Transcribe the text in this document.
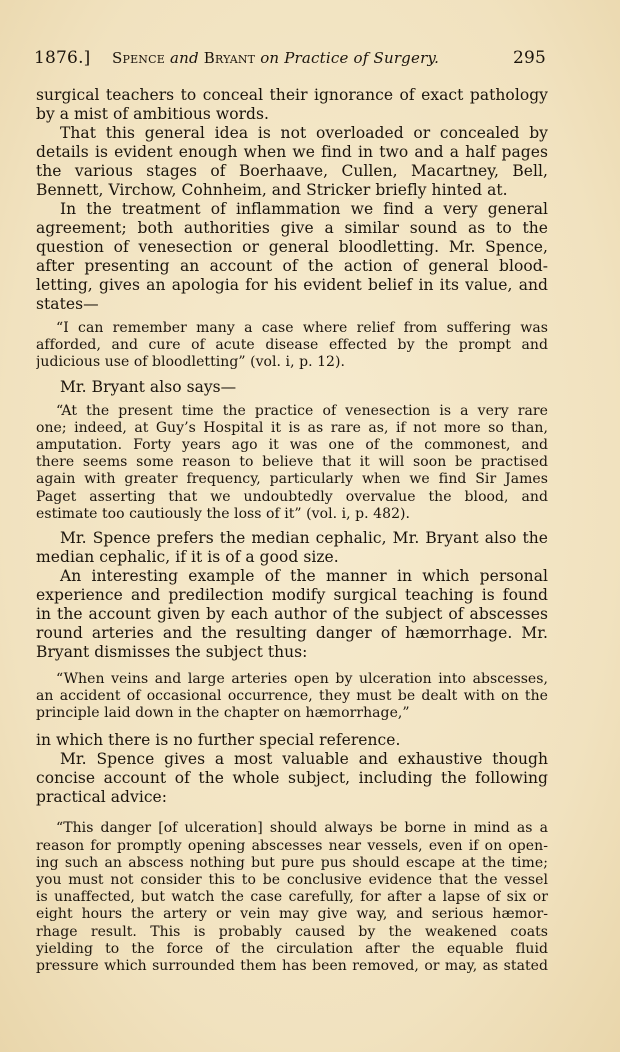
1876.] Spence and Bryant on Practice of Surgery.	295
surgical teachers to conceal their ignorance of exact pathology
by a mist of ambitious words.
That this general idea is not overloaded or concealed by
details is evident enough when we find in two and a half pages
the various stages of Boerhaave, Cullen, Macartney, Bell,
Bennett, Virchow, Cohnheim, and Stricker briefly hinted at.
In the treatment of inflammation we find a very general
agreement; both authorities give a similar sound as to the
question of venesection or general bloodletting. Mr. Spence,
after presenting an account of the action of general blood-
letting, gives an apologia for his evident belief in its value, and
states—
“I can remember many a case where relief from suffering was
afforded, and cure of acute disease effected by the prompt and
judicious use of bloodletting” (vol. i, p. 12).
Mr. Bryant also says—
“At the present time the practice of venesection is a very rare
one; indeed, at Guy’s Hospital it is as rare as, if not more so than,
amputation. Forty years ago it was one of the commonest, and
there seems some reason to believe that it will soon be practised
again with greater frequency, particularly when we find Sir James
Paget asserting that we undoubtedly overvalue the blood, and
estimate too cautiously the loss of it” (vol. i, p. 482).
Mr. Spence prefers the median cephalic, Mr. Bryant also the
median cephalic, if it is of a good size.
An interesting example of the manner in which personal
experience and predilection modify surgical teaching is found
in the account given by each author of the subject of abscesses
round arteries and the resulting danger of hæmorrhage. Mr.
Bryant dismisses the subject thus:
“When veins and large arteries open by ulceration into abscesses,
an accident of occasional occurrence, they must be dealt with on the
principle laid down in the chapter on hæmorrhage,”
in which there is no further special reference.
Mr. Spence gives a most valuable and exhaustive though
concise account of the whole subject, including the following
practical advice:
“This danger [of ulceration] should always be borne in mind as a
reason for promptly opening abscesses near vessels, even if on open-
ing such an abscess nothing but pure pus should escape at the time;
you must not consider this to be conclusive evidence that the vessel
is unaffected, but watch the case carefully, for after a lapse of six or
eight hours the artery or vein may give way, and serious hæmor-
rhage result. This is probably caused by the weakened coats
yielding to the force of the circulation after the equable fluid
pressure which surrounded them has been removed, or may, as stated
